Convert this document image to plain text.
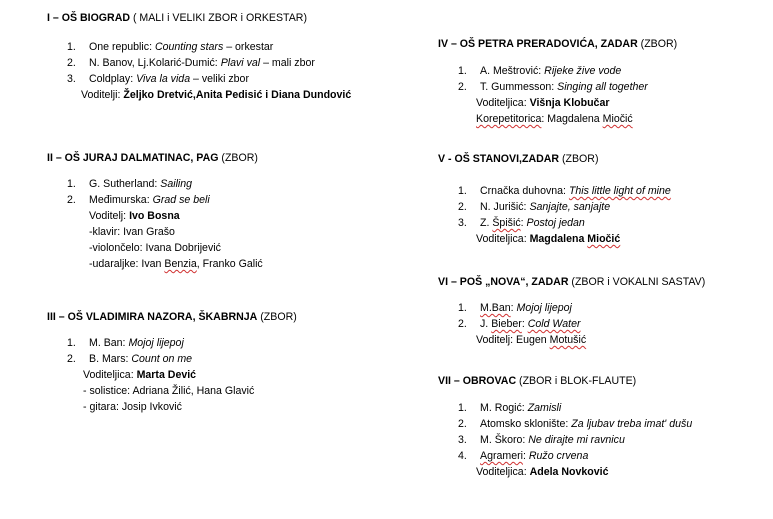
I – OŠ BIOGRAD ( MALI i VELIKI ZBOR i ORKESTAR)
1. One republic: Counting stars – orkestar
2. N. Banov, Lj.Kolarić-Dumić: Plavi val – mali zbor
3. Coldplay: Viva la vida – veliki zbor
Voditelji: Željko Dretvić,Anita Pedisić i Diana Dundović
II – OŠ JURAJ DALMATINAC, PAG (ZBOR)
1. G. Sutherland: Sailing
2. Međimurska: Grad se beli
Voditelj: Ivo Bosna
-klavir: Ivan Grašo
-violončelo: Ivana Dobrijević
-udaraljke: Ivan Benzia, Franko Galić
III – OŠ VLADIMIRA NAZORA, ŠKABRNJA (ZBOR)
1. M. Ban: Mojoj lijepoj
2. B. Mars: Count on me
Voditeljica: Marta Dević
- solistice: Adriana Žilić, Hana Glavić
- gitara: Josip Ivković
IV – OŠ PETRA PRERADOVIĆA, ZADAR (ZBOR)
1. A. Meštrović: Rijeke žive vode
2. T. Gummesson: Singing all together
Voditeljica: Višnja Klobučar
Korepetitorica: Magdalena Miočić
V - OŠ STANOVI,ZADAR (ZBOR)
1. Crnačka duhovna: This little light of mine
2. N. Jurišić: Sanjajte, sanjajte
3. Z. Špišić: Postoj jedan
Voditeljica: Magdalena Miočić
VI – POŠ „NOVA“, ZADAR (ZBOR i VOKALNI SASTAV)
1. M.Ban: Mojoj lijepoj
2. J. Bieber: Cold Water
Voditelj: Eugen Motušić
VII – OBROVAC (ZBOR i BLOK-FLAUTE)
1. M. Rogić: Zamisli
2. Atomsko sklonište: Za ljubav treba imat' dušu
3. M. Škoro: Ne dirajte mi ravnicu
4. Agrameri: Ružo crvena
Voditeljica: Adela Novković
